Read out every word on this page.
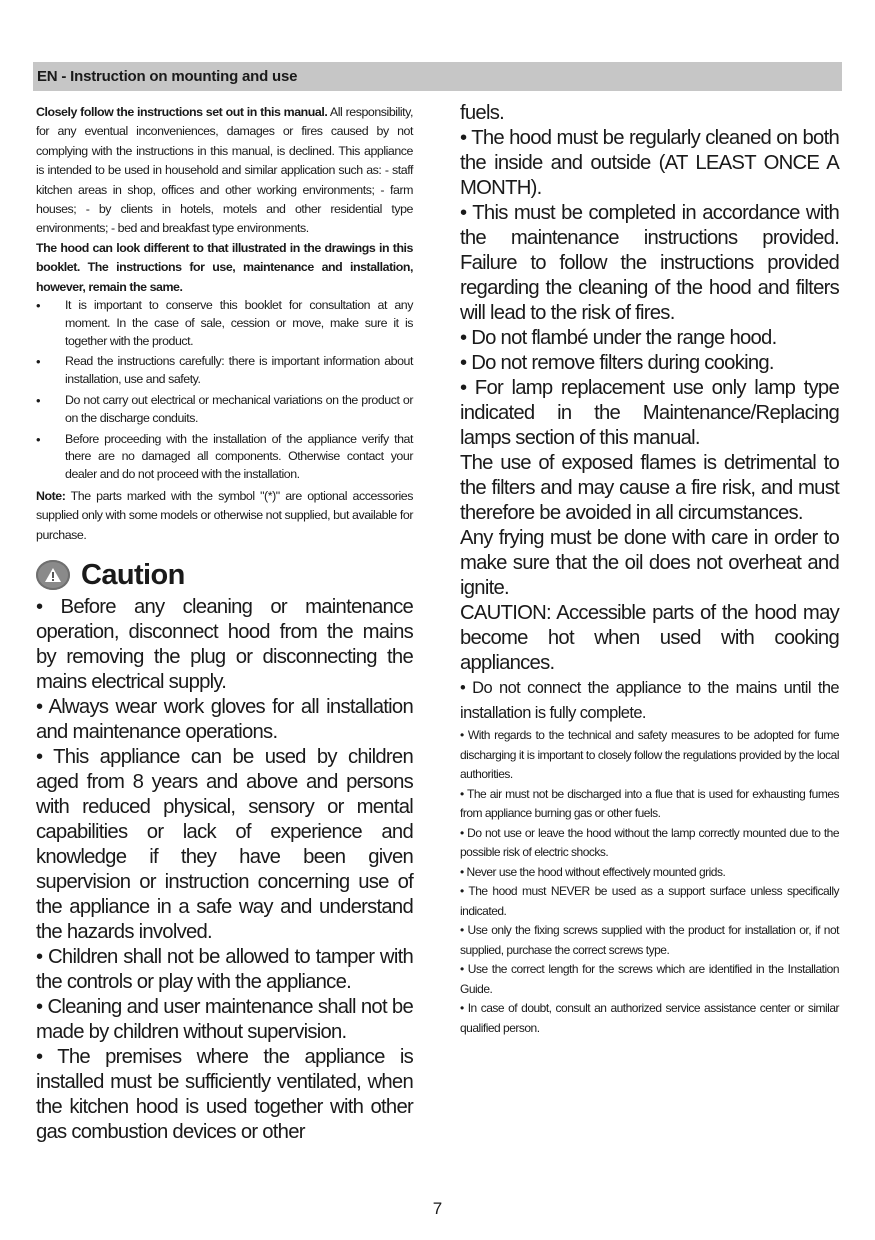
EN - Instruction on mounting and use

Closely follow the instructions set out in this manual. All responsibility, for any eventual inconveniences, damages or fires caused by not complying with the instructions in this manual, is declined. This appliance is intended to be used in household and similar application such as: - staff kitchen areas in shop, offices and other working environments; - farm houses; - by clients in hotels, motels and other residential type environments; - bed and breakfast type environments.

The hood can look different to that illustrated in the drawings in this booklet. The instructions for use, maintenance and installation, however, remain the same.

• It is important to conserve this booklet for consultation at any moment. In the case of sale, cession or move, make sure it is together with the product.
• Read the instructions carefully: there is important information about installation, use and safety.
• Do not carry out electrical or mechanical variations on the product or on the discharge conduits.
• Before proceeding with the installation of the appliance verify that there are no damaged all components. Otherwise contact your dealer and do not proceed with the installation.

Note: The parts marked with the symbol "(*)" are optional accessories supplied only with some models or otherwise not supplied, but available for purchase.

Caution

• Before any cleaning or maintenance operation, disconnect hood from the mains by removing the plug or disconnecting the mains electrical supply.

• Always wear work gloves for all installation and maintenance operations.

• This appliance can be used by children aged from 8 years and above and persons with reduced physical, sensory or mental capabilities or lack of experience and knowledge if they have been given supervision or instruction concerning use of the appliance in a safe way and understand the hazards involved.

• Children shall not be allowed to tamper with the controls or play with the appliance.

• Cleaning and user maintenance shall not be made by children without supervision.

• The premises where the appliance is installed must be sufficiently ventilated, when the kitchen hood is used together with other gas combustion devices or other

fuels.

• The hood must be regularly cleaned on both the inside and outside (AT LEAST ONCE A MONTH).

• This must be completed in accordance with the maintenance instructions provided. Failure to follow the instructions provided regarding the cleaning of the hood and filters will lead to the risk of fires.

• Do not flambé under the range hood.

• Do not remove filters during cooking.

• For lamp replacement use only lamp type indicated in the Maintenance/Replacing lamps section of this manual.

The use of exposed flames is detrimental to the filters and may cause a fire risk, and must therefore be avoided in all circumstances.

Any frying must be done with care in order to make sure that the oil does not overheat and ignite.

CAUTION: Accessible parts of the hood may become hot when used with cooking appliances.

• Do not connect the appliance to the mains until the installation is fully complete.

• With regards to the technical and safety measures to be adopted for fume discharging it is important to closely follow the regulations provided by the local authorities.

• The air must not be discharged into a flue that is used for exhausting fumes from appliance burning gas or other fuels.

• Do not use or leave the hood without the lamp correctly mounted due to the possible risk of electric shocks.

• Never use the hood without effectively mounted grids.

• The hood must NEVER be used as a support surface unless specifically indicated.

• Use only the fixing screws supplied with the product for installation or, if not supplied, purchase the correct screws type.

• Use the correct length for the screws which are identified in the Installation Guide.

• In case of doubt, consult an authorized service assistance center or similar qualified person.

7
